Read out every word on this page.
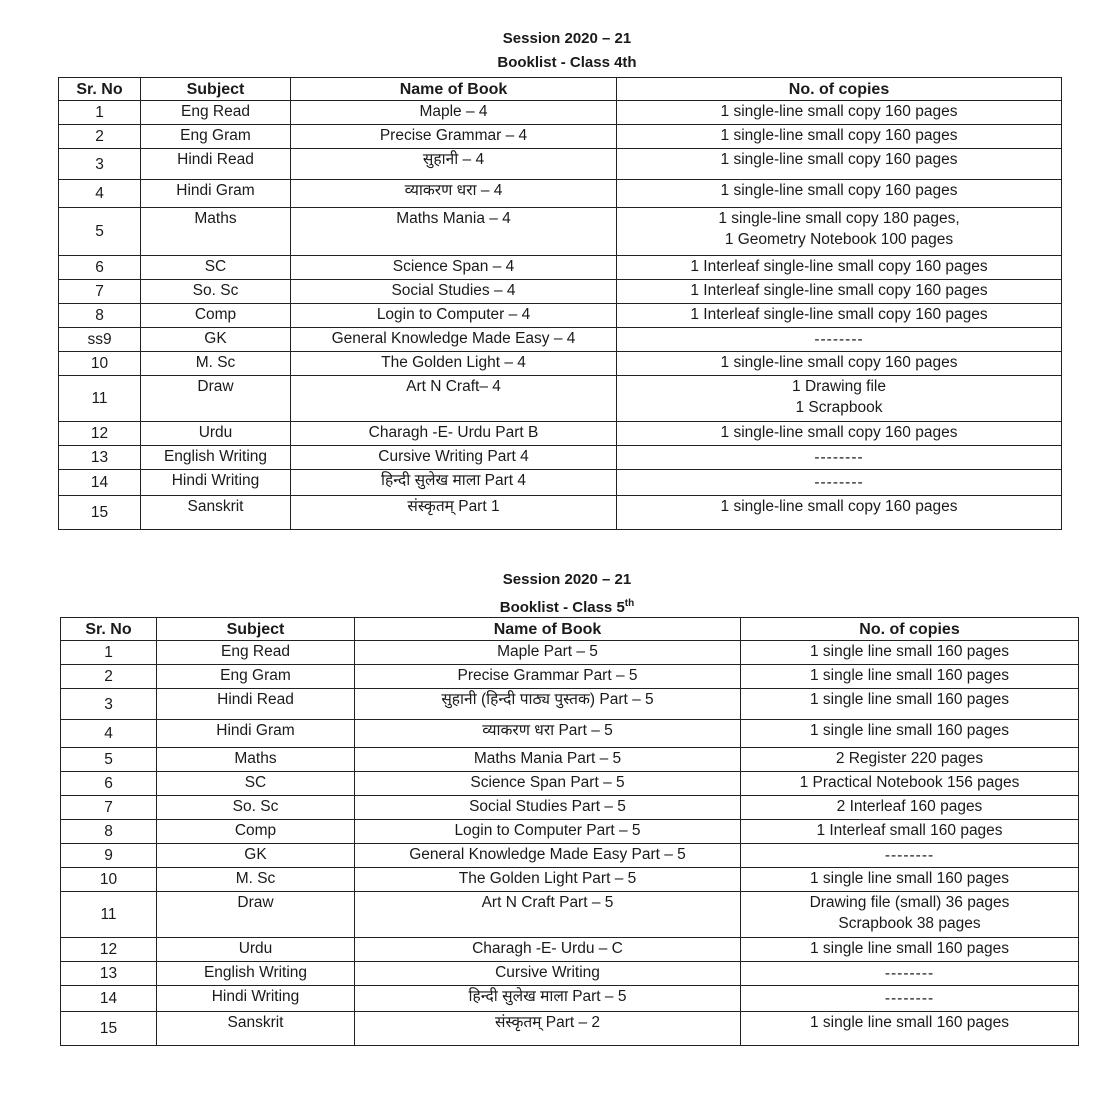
Session 2020 – 21
Booklist - Class 4th
Sr. No	Subject	Name of Book	No. of copies
1	Eng Read	Maple – 4	1 single-line small copy 160 pages

2	Eng Gram	Precise Grammar – 4	1 single-line small copy 160 pages

3	Hindi Read	सुहानी – 4	1 single-line small copy 160 pages

4	Hindi Gram	व्याकरण धरा – 4	1 single-line small copy 160 pages

5	Maths	Maths Mania – 4	1 single-line small copy 180 pages,
1 Geometry Notebook 100 pages

6	SC	Science Span – 4	1 Interleaf single-line small copy 160 pages

7	So. Sc	Social Studies – 4	1 Interleaf single-line small copy 160 pages

8	Comp	Login to Computer – 4	1 Interleaf single-line small copy 160 pages

ss9	GK	General Knowledge Made Easy – 4	--------

10	M. Sc	The Golden Light – 4	1 single-line small copy 160 pages

11	Draw	Art N Craft– 4	1 Drawing file
1 Scrapbook

12	Urdu	Charagh -E- Urdu Part B	1 single-line small copy 160 pages

13	English Writing	Cursive Writing Part 4	--------

14	Hindi Writing	हिन्दी सुलेख माला Part 4	--------

15	Sanskrit	संस्कृतम् Part 1	1 single-line small copy 160 pages
Session 2020 – 21
Booklist - Class 5th
Sr. No	Subject	Name of Book	No. of copies
1	Eng Read	Maple Part – 5	1 single line small 160 pages

2	Eng Gram	Precise Grammar Part – 5	1 single line small 160 pages

3	Hindi Read	सुहानी (हिन्दी पाठ्य पुस्तक) Part – 5	1 single line small 160 pages

4	Hindi Gram	व्याकरण धरा Part – 5	1 single line small 160 pages

5	Maths	Maths Mania Part – 5	2 Register 220 pages

6	SC	Science Span Part – 5	1 Practical Notebook 156 pages

7	So. Sc	Social Studies Part – 5	2 Interleaf 160 pages

8	Comp	Login to Computer Part – 5	1 Interleaf small 160 pages

9	GK	General Knowledge Made Easy Part – 5	--------

10	M. Sc	The Golden Light Part – 5	1 single line small 160 pages

11	Draw	Art N Craft Part – 5	Drawing file (small) 36 pages
Scrapbook 38 pages

12	Urdu	Charagh -E- Urdu – C	1 single line small 160 pages

13	English Writing	Cursive Writing	--------

14	Hindi Writing	हिन्दी सुलेख माला Part – 5	--------

15	Sanskrit	संस्कृतम् Part – 2	1 single line small 160 pages
